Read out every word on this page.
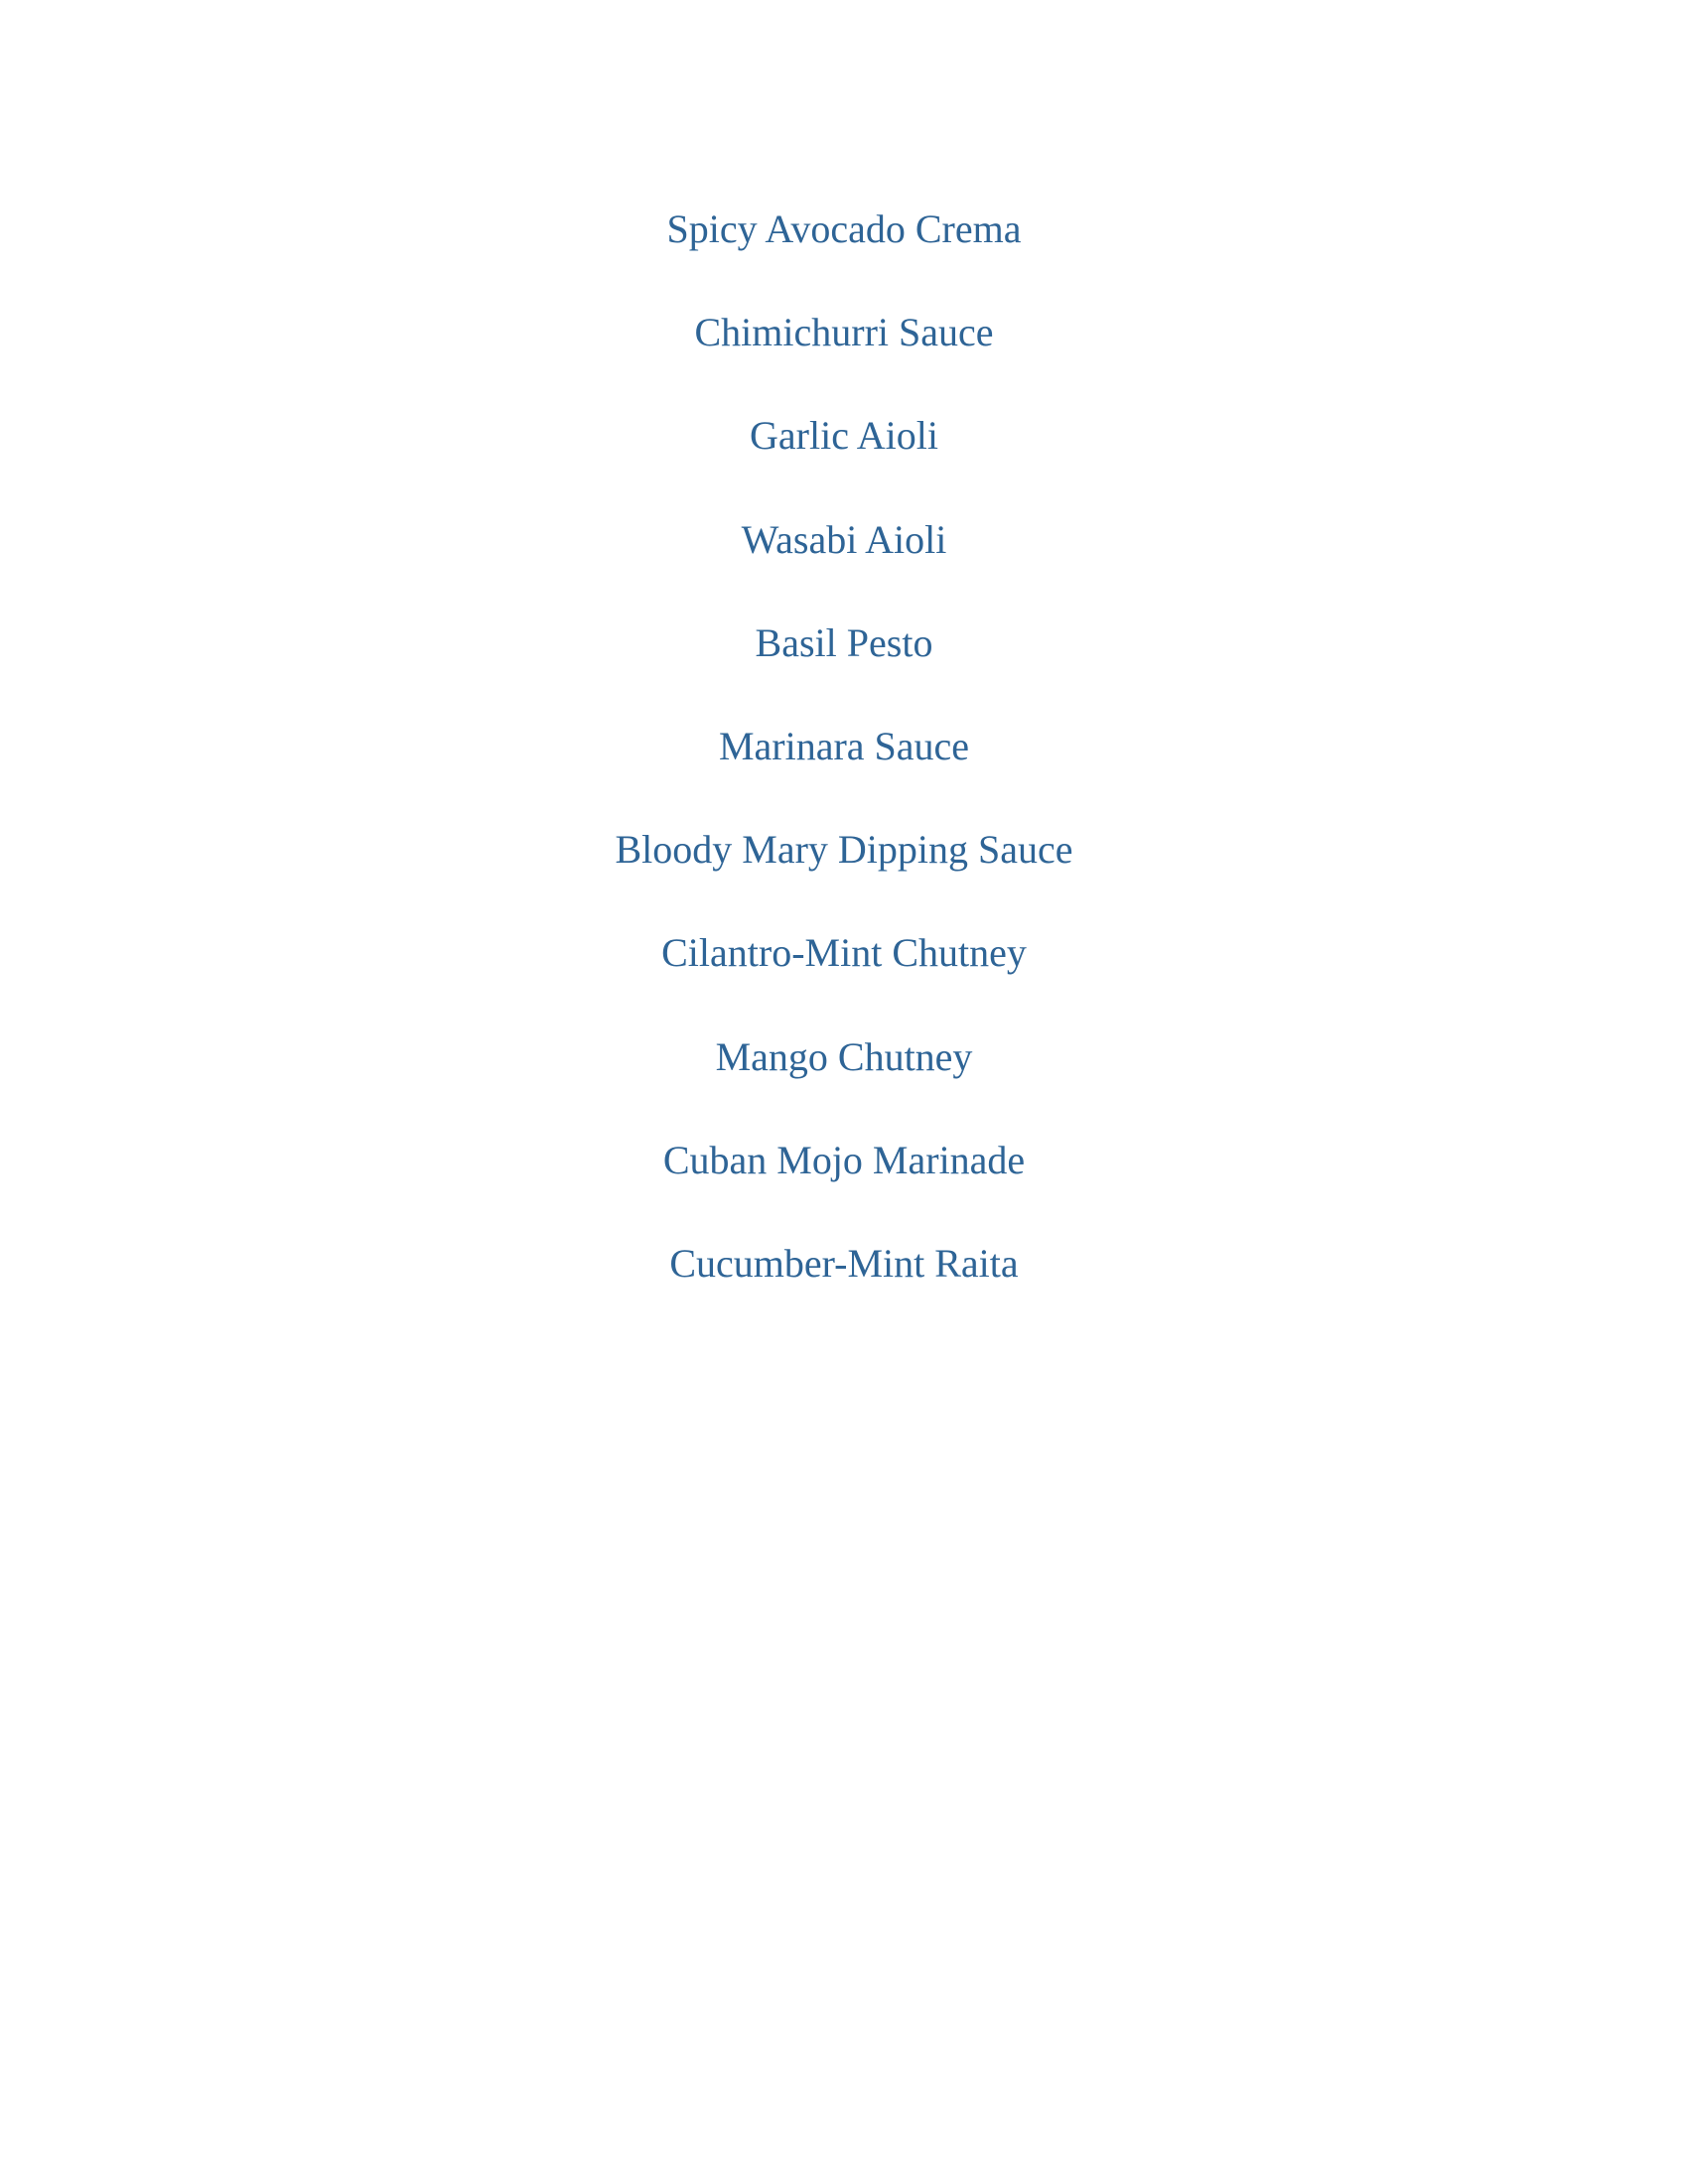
Spicy Avocado Crema
Chimichurri Sauce
Garlic Aioli
Wasabi Aioli
Basil Pesto
Marinara Sauce
Bloody Mary Dipping Sauce
Cilantro-Mint Chutney
Mango Chutney
Cuban Mojo Marinade
Cucumber-Mint Raita
